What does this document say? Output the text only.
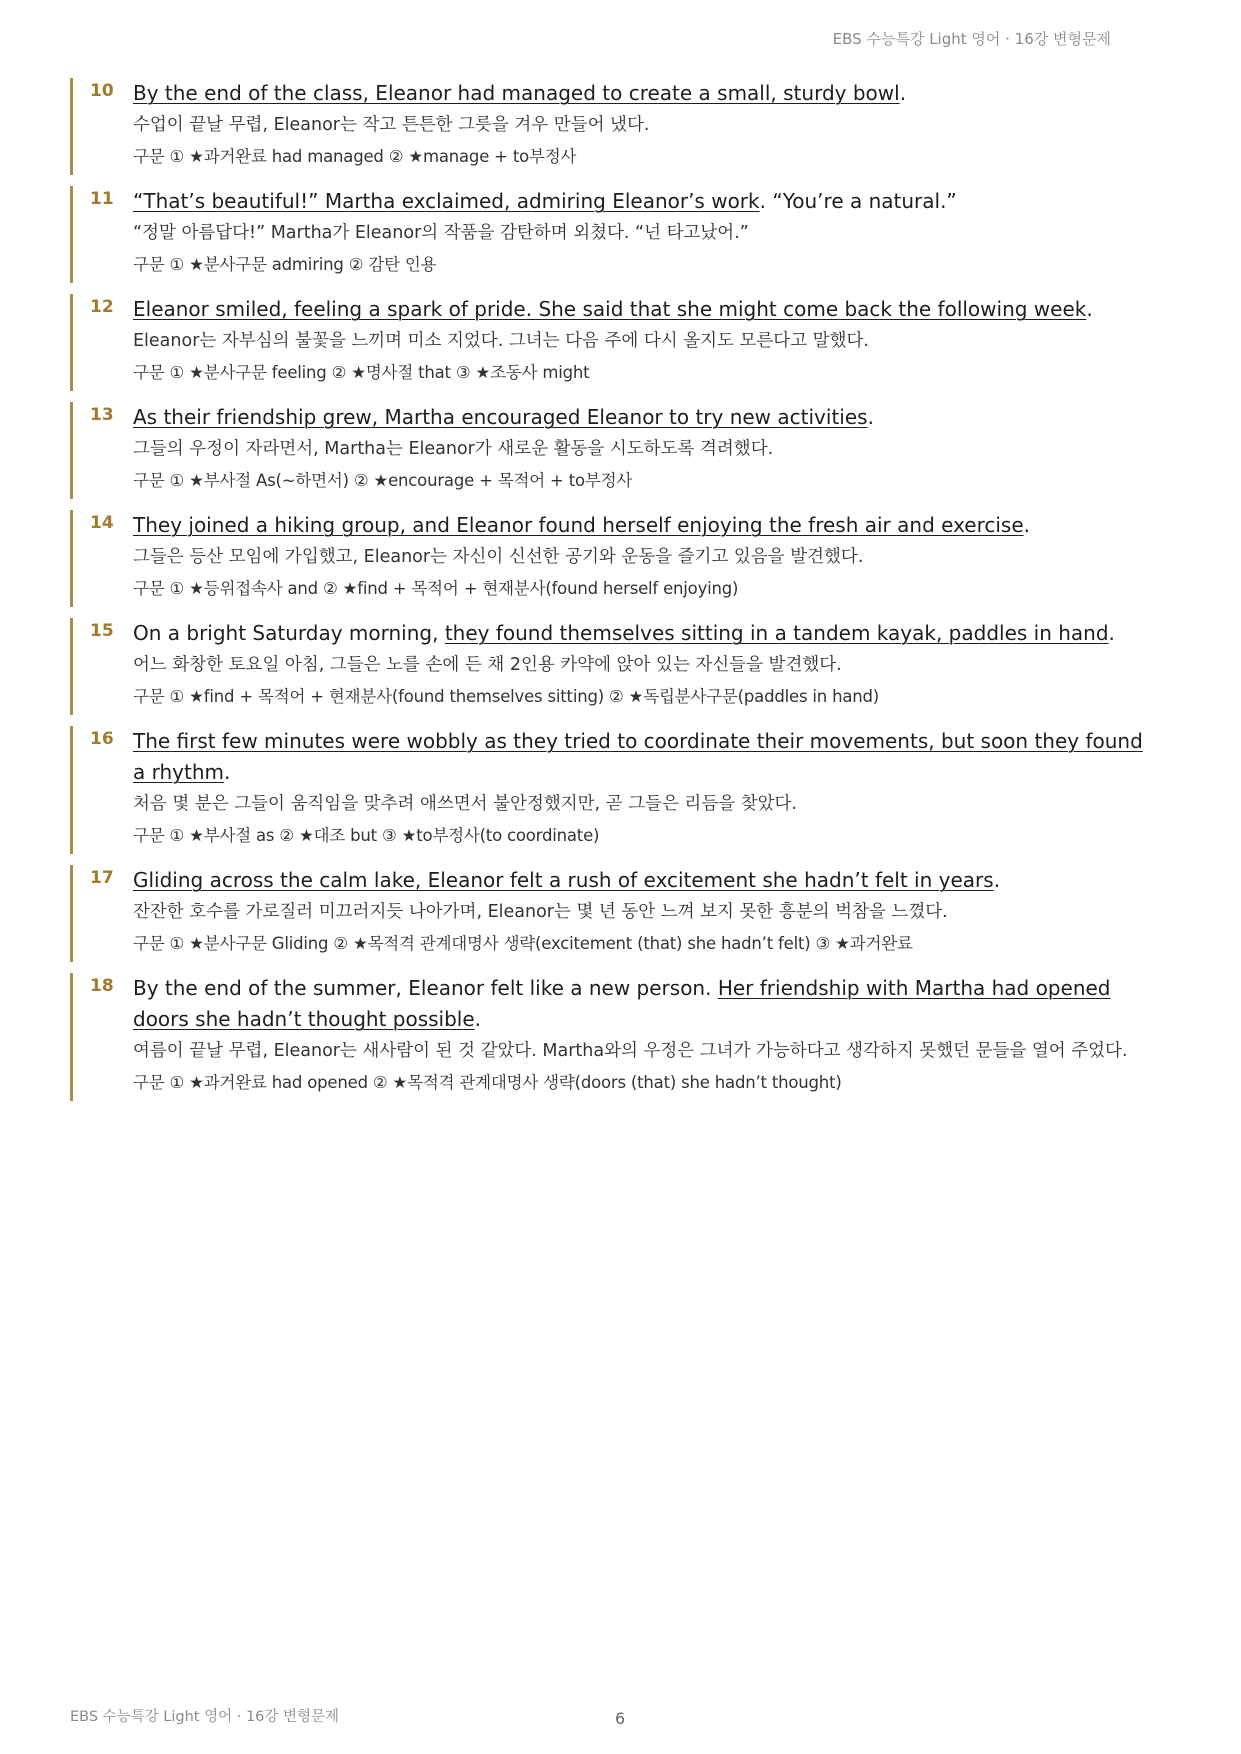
EBS 수능특강 Light 영어 · 16강 변형문제
10 By the end of the class, Eleanor had managed to create a small, sturdy bowl.
수업이 끝날 무렵, Eleanor는 작고 튼튼한 그릇을 겨우 만들어 냈다.
구문 ① ★과거완료 had managed ② ★manage + to부정사
11 “That’s beautiful!” Martha exclaimed, admiring Eleanor’s work. “You’re a natural.”
“정말 아름답다!” Martha가 Eleanor의 작품을 감탄하며 외쳤다. “넌 타고났어.”
구문 ① ★분사구문 admiring ② 감탄 인용
12 Eleanor smiled, feeling a spark of pride. She said that she might come back the following week.
Eleanor는 자부심의 불꽃을 느끼며 미소 지었다. 그녀는 다음 주에 다시 올지도 모른다고 말했다.
구문 ① ★분사구문 feeling ② ★명사절 that ③ ★조동사 might
13 As their friendship grew, Martha encouraged Eleanor to try new activities.
그들의 우정이 자라면서, Martha는 Eleanor가 새로운 활동을 시도하도록 격려했다.
구문 ① ★부사절 As(~하면서) ② ★encourage + 목적어 + to부정사
14 They joined a hiking group, and Eleanor found herself enjoying the fresh air and exercise.
그들은 등산 모임에 가입했고, Eleanor는 자신이 신선한 공기와 운동을 즐기고 있음을 발견했다.
구문 ① ★등위접속사 and ② ★find + 목적어 + 현재분사(found herself enjoying)
15 On a bright Saturday morning, they found themselves sitting in a tandem kayak, paddles in hand.
어느 화창한 토요일 아침, 그들은 노를 손에 든 채 2인용 카약에 앉아 있는 자신들을 발견했다.
구문 ① ★find + 목적어 + 현재분사(found themselves sitting) ② ★독립분사구문(paddles in hand)
16 The first few minutes were wobbly as they tried to coordinate their movements, but soon they found a rhythm.
처음 몇 분은 그들이 움직임을 맞추려 애쓰면서 불안정했지만, 곧 그들은 리듬을 찾았다.
구문 ① ★부사절 as ② ★대조 but ③ ★to부정사(to coordinate)
17 Gliding across the calm lake, Eleanor felt a rush of excitement she hadn’t felt in years.
잔잔한 호수를 가로질러 미끄러지듯 나아가며, Eleanor는 몇 년 동안 느껴 보지 못한 흥분의 벅참을 느꼈다.
구문 ① ★분사구문 Gliding ② ★목적격 관계대명사 생략(excitement (that) she hadn’t felt) ③ ★과거완료
18 By the end of the summer, Eleanor felt like a new person. Her friendship with Martha had opened doors she hadn’t thought possible.
여름이 끝날 무렵, Eleanor는 새사람이 된 것 같았다. Martha와의 우정은 그녀가 가능하다고 생각하지 못했던 문들을 열어 주었다.
구문 ① ★과거완료 had opened ② ★목적격 관계대명사 생략(doors (that) she hadn’t thought)
EBS 수능특강 Light 영어 · 16강 변형문제	6
